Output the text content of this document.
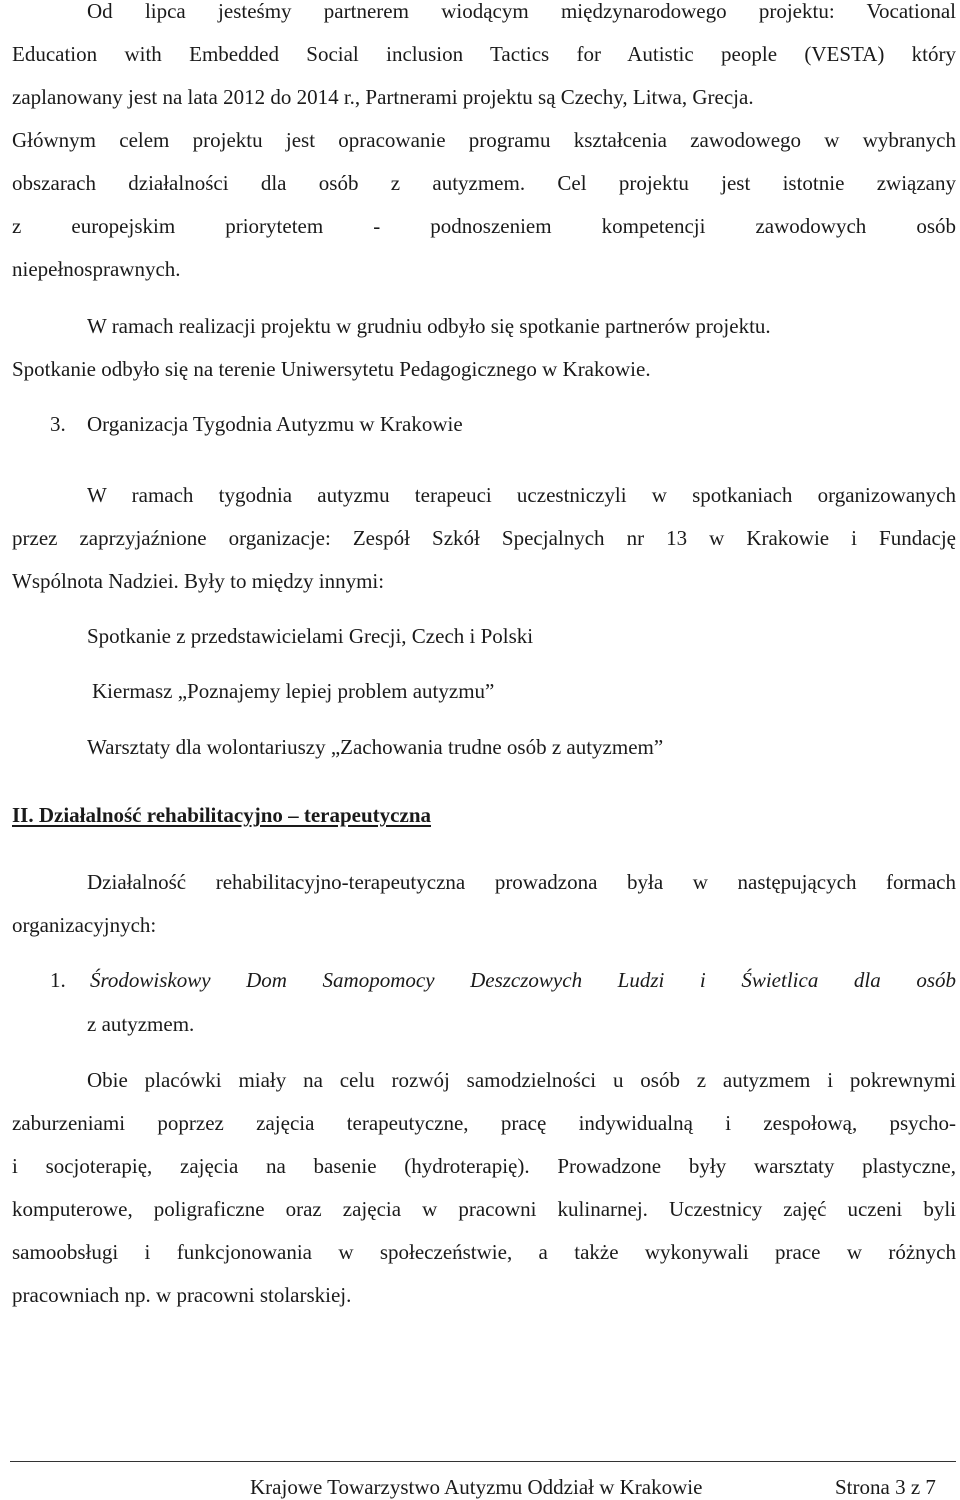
Od lipca jesteśmy partnerem wiodącym międzynarodowego projektu: Vocational
Education with Embedded Social inclusion Tactics for Autistic people (VESTA) który
zaplanowany jest na lata 2012 do 2014 r., Partnerami projektu są Czechy, Litwa, Grecja.
Głównym celem projektu jest opracowanie programu kształcenia zawodowego w wybranych
obszarach działalności dla osób z autyzmem. Cel projektu jest istotnie związany
z europejskim priorytetem - podnoszeniem kompetencji zawodowych osób
niepełnosprawnych.
W ramach realizacji projektu w grudniu odbyło się spotkanie partnerów projektu.
Spotkanie odbyło się na terenie Uniwersytetu Pedagogicznego w Krakowie.
3. Organizacja Tygodnia Autyzmu w Krakowie
W ramach tygodnia autyzmu terapeuci uczestniczyli w spotkaniach organizowanych
przez zaprzyjaźnione organizacje: Zespół Szkół Specjalnych nr 13 w Krakowie i Fundację
Wspólnota Nadziei. Były to między innymi:
Spotkanie z przedstawicielami Grecji, Czech i Polski
Kiermasz „Poznajemy lepiej problem autyzmu”
Warsztaty dla wolontariuszy „Zachowania trudne osób z autyzmem”
II. Działalność rehabilitacyjno – terapeutyczna
Działalność rehabilitacyjno-terapeutyczna prowadzona była w następujących formach
organizacyjnych:
1. Środowiskowy Dom Samopomocy Deszczowych Ludzi i Świetlica dla osób
z autyzmem.
Obie placówki miały na celu rozwój samodzielności u osób z autyzmem i pokrewnymi
zaburzeniami poprzez zajęcia terapeutyczne, pracę indywidualną i zespołową, psycho-
i socjoterapię, zajęcia na basenie (hydroterapię). Prowadzone były warsztaty plastyczne,
komputerowe, poligraficzne oraz zajęcia w pracowni kulinarnej. Uczestnicy zajęć uczeni byli
samoobsługi i funkcjonowania w społeczeństwie, a także wykonywali prace w różnych
pracowniach np. w pracowni stolarskiej.
Krajowe Towarzystwo Autyzmu Oddział w Krakowie	Strona 3 z 7
